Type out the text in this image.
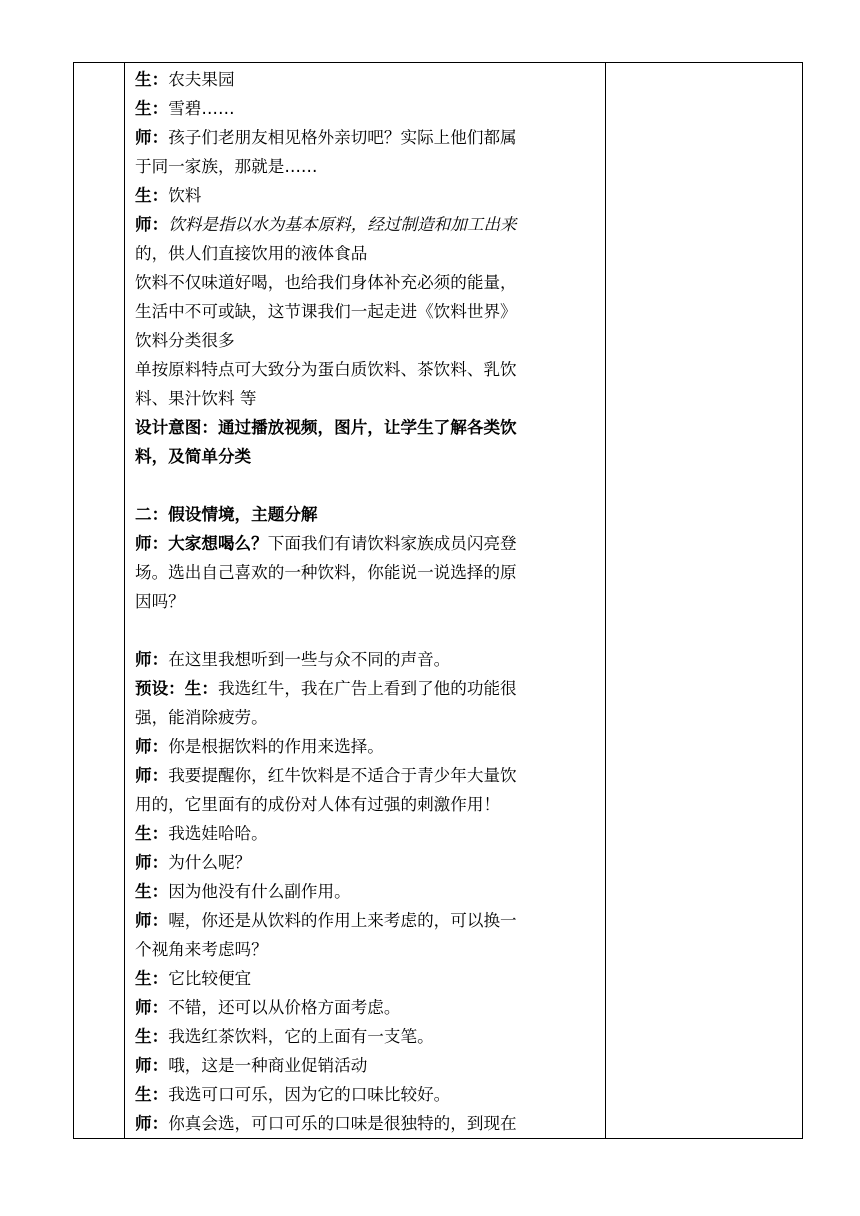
生：农夫果园
生：雪碧……
师：孩子们老朋友相见格外亲切吧？实际上他们都属
于同一家族，那就是……
生：饮料
师：饮料是指以水为基本原料，经过制造和加工出来
的，供人们直接饮用的液体食品
饮料不仅味道好喝，也给我们身体补充必须的能量，
生活中不可或缺，这节课我们一起走进《饮料世界》
饮料分类很多
单按原料特点可大致分为蛋白质饮料、茶饮料、乳饮
料、果汁饮料 等
设计意图：通过播放视频，图片，让学生了解各类饮
料，及简单分类
二：假设情境，主题分解
师：大家想喝么？下面我们有请饮料家族成员闪亮登
场。选出自己喜欢的一种饮料，你能说一说选择的原
因吗？
师：在这里我想听到一些与众不同的声音。
预设：生：我选红牛，我在广告上看到了他的功能很
强，能消除疲劳。
师：你是根据饮料的作用来选择。
师：我要提醒你，红牛饮料是不适合于青少年大量饮
用的，它里面有的成份对人体有过强的刺激作用！
生：我选娃哈哈。
师：为什么呢？
生：因为他没有什么副作用。
师：喔，你还是从饮料的作用上来考虑的，可以换一
个视角来考虑吗？
生：它比较便宜
师：不错，还可以从价格方面考虑。
生：我选红茶饮料，它的上面有一支笔。
师：哦，这是一种商业促销活动
生：我选可口可乐，因为它的口味比较好。
师：你真会选，可口可乐的口味是很独特的，到现在
